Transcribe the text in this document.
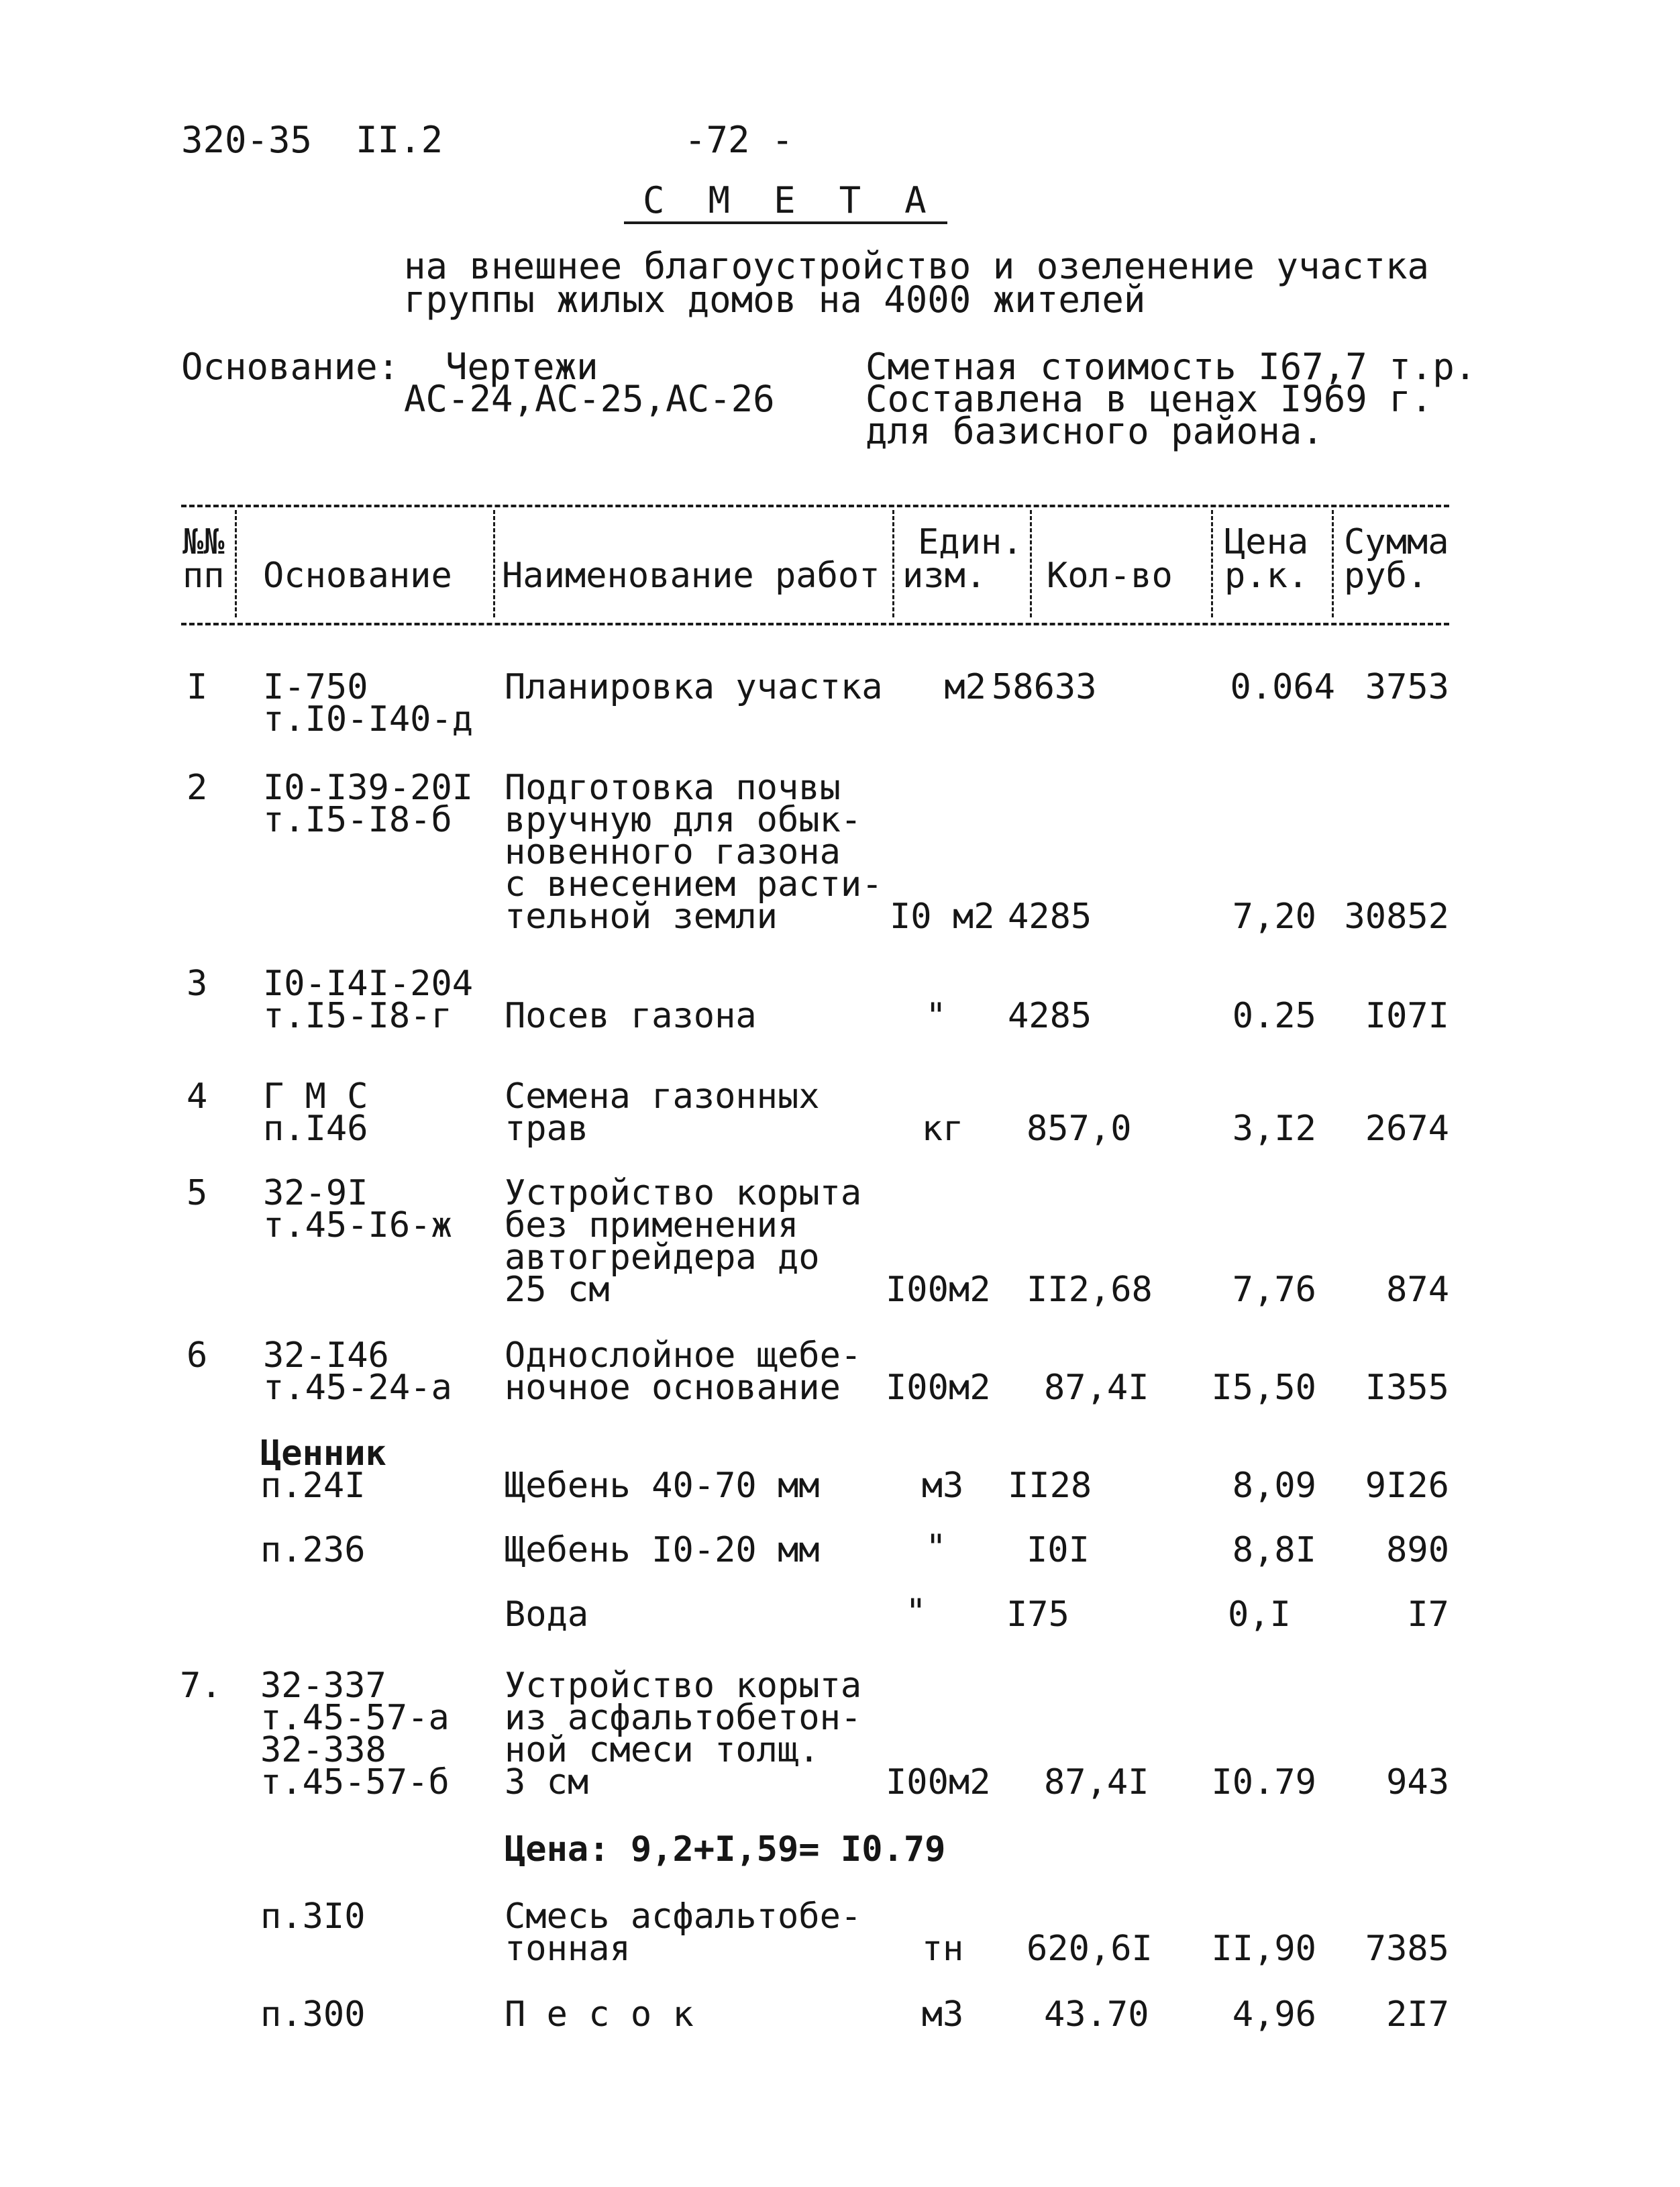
320-35  II.2	-72 -
С  М  Е  Т  А
на внешнее благоустройство и озеленение участка
группы жилых домов на 4000 жителей
Основание: Чертежи
АС-24,АС-25,АС-26
Сметная стоимость I67,7 т.р.
Составлена в ценах I969 г.
для базисного района.
№№
пп Основание Наименование работ
Един.
изм. Кол-во
Цена
р.к.
Сумма
руб.
I I-750
т.I0-I40-д
Планировка участка	м2 58633	0.064 3753
2 I0-I39-20I
т.I5-I8-б
Подготовка почвы
вручную для обык-
новенного газона
с внесением расти-
тельной земли	I0 м2 4285	7,20 30852
3 I0-I4I-204
т.I5-I8-г Посев газона	"	4285	0.25	I07I
4 Г М С
п.I46
Семена газонных
трав	кг 857,0	3,I2	2674
5 32-9I
т.45-I6-ж
Устройство корыта
без применения
автогрейдера до
25 см	I00м2 II2,68	7,76	874
6 32-I46
т.45-24-а
Однослойное щебе-
ночное основание I00м2 87,4I I5,50	I355
Ценник
п.24I	Щебень 40-70 мм	м3 II28	8,09	9I26
п.236	Щебень I0-20 мм	"	I0I	8,8I	890
Вода	"	I75	0,I	I7
7. 32-337
т.45-57-а
32-338
т.45-57-б
Устройство корыта
из асфальтобетон-
ной смеси толщ.
3 см	I00м2 87,4I I0.79	943
Цена: 9,2+I,59= I0.79
п.3I0	Смесь асфальтобе-
тонная	тн 620,6I II,90	7385
п.300	П е с о к	м3 43.70	4,96	2I7
